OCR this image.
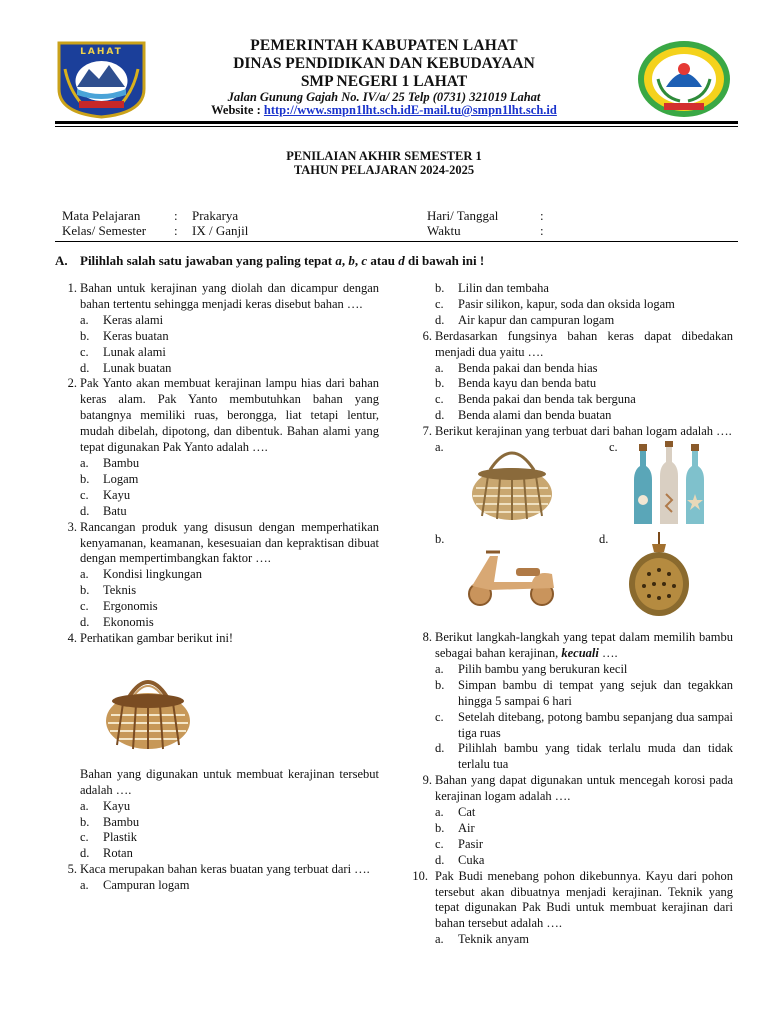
LAHAT	PEMERINTAH KABUPATEN LAHAT
DINAS PENDIDIKAN DAN KEBUDAYAAN
SMP NEGERI 1 LAHAT
Jalan Gunung Gajah No. IV/a/ 25 Telp (0731) 321019 Lahat
Website : http://www.smpn1lht.sch.idE-mail.tu@smpn1lht.sch.id
PENILAIAN AKHIR SEMESTER 1
TAHUN PELAJARAN 2024-2025
Mata Pelajaran	: Prakarya
Kelas/ Semester : IX / Ganjil
Hari/ Tanggal	:
Waktu	:
A. Pilihlah salah satu jawaban yang paling tepat a, b, c atau d di bawah ini !
1. Bahan untuk kerajinan yang diolah dan dicampur dengan bahan tertentu sehingga menjadi keras disebut bahan ….
a. Keras alami
b. Keras buatan
c. Lunak alami
d. Lunak buatan
2. Pak Yanto akan membuat kerajinan lampu hias dari bahan keras alam. Pak Yanto membutuhkan bahan yang batangnya memiliki ruas, berongga, liat tetapi lentur, mudah dibelah, dipotong, dan dibentuk. Bahan alami yang tepat digunakan Pak Yanto adalah ….
a. Bambu
b. Logam
c. Kayu
d. Batu
3. Rancangan produk yang disusun dengan memperhatikan kenyamanan, keamanan, kesesuaian dan kepraktisan dibuat dengan mempertimbangkan faktor ….
a. Kondisi lingkungan
b. Teknis
c. Ergonomis
d. Ekonomis
4. Perhatikan gambar berikut ini!
Bahan yang digunakan untuk membuat kerajinan tersebut adalah ….
a. Kayu
b. Bambu
c. Plastik
d. Rotan
5. Kaca merupakan bahan keras buatan yang terbuat dari ….
a. Campuran logam
b. Lilin dan tembaha
c. Pasir silikon, kapur, soda dan oksida logam
d. Air kapur dan campuran logam
6. Berdasarkan fungsinya bahan keras dapat dibedakan menjadi dua yaitu ….
a. Benda pakai dan benda hias
b. Benda kayu dan benda batu
c. Benda pakai dan benda tak berguna
d. Benda alami dan benda buatan
7. Berikut kerajinan yang terbuat dari bahan logam adalah ….
a.	c.
b.	d.
8. Berikut langkah-langkah yang tepat dalam memilih bambu sebagai bahan kerajinan, kecuali ….
a. Pilih bambu yang berukuran kecil
b. Simpan bambu di tempat yang sejuk dan tegakkan hingga 5 sampai 6 hari
c. Setelah ditebang, potong bambu sepanjang dua sampai tiga ruas
d. Pilihlah bambu yang tidak terlalu muda dan tidak terlalu tua
9. Bahan yang dapat digunakan untuk mencegah korosi pada kerajinan logam adalah ….
a. Cat
b. Air
c. Pasir
d. Cuka
10. Pak Budi menebang pohon dikebunnya. Kayu dari pohon tersebut akan dibuatnya menjadi kerajinan. Teknik yang tepat digunakan Pak Budi untuk membuat kerajinan dari bahan tersebut adalah ….
a. Teknik anyam
